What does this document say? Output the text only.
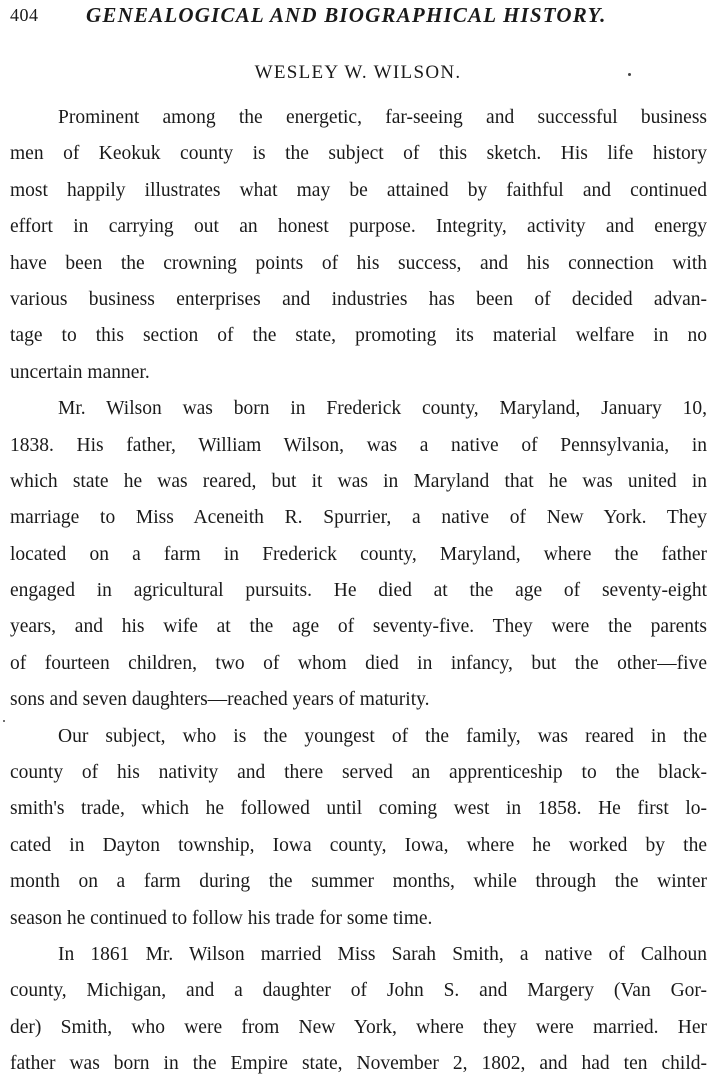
404 GENEALOGICAL AND BIOGRAPHICAL HISTORY.
WESLEY W. WILSON.
Prominent among the energetic, far-seeing and successful business
men of Keokuk county is the subject of this sketch. His life history
most happily illustrates what may be attained by faithful and continued
effort in carrying out an honest purpose. Integrity, activity and energy
have been the crowning points of his success, and his connection with
various business enterprises and industries has been of decided advan-
tage to this section of the state, promoting its material welfare in no
uncertain manner.
Mr. Wilson was born in Frederick county, Maryland, January 10,
1838. His father, William Wilson, was a native of Pennsylvania, in
which state he was reared, but it was in Maryland that he was united in
marriage to Miss Aceneith R. Spurrier, a native of New York. They
located on a farm in Frederick county, Maryland, where the father
engaged in agricultural pursuits. He died at the age of seventy-eight
years, and his wife at the age of seventy-five. They were the parents
of fourteen children, two of whom died in infancy, but the other—five
sons and seven daughters—reached years of maturity.
Our subject, who is the youngest of the family, was reared in the
county of his nativity and there served an apprenticeship to the black-
smith's trade, which he followed until coming west in 1858. He first lo-
cated in Dayton township, Iowa county, Iowa, where he worked by the
month on a farm during the summer months, while through the winter
season he continued to follow his trade for some time.
In 1861 Mr. Wilson married Miss Sarah Smith, a native of Calhoun
county, Michigan, and a daughter of John S. and Margery (Van Gor-
der) Smith, who were from New York, where they were married. Her
father was born in the Empire state, November 2, 1802, and had ten child-
